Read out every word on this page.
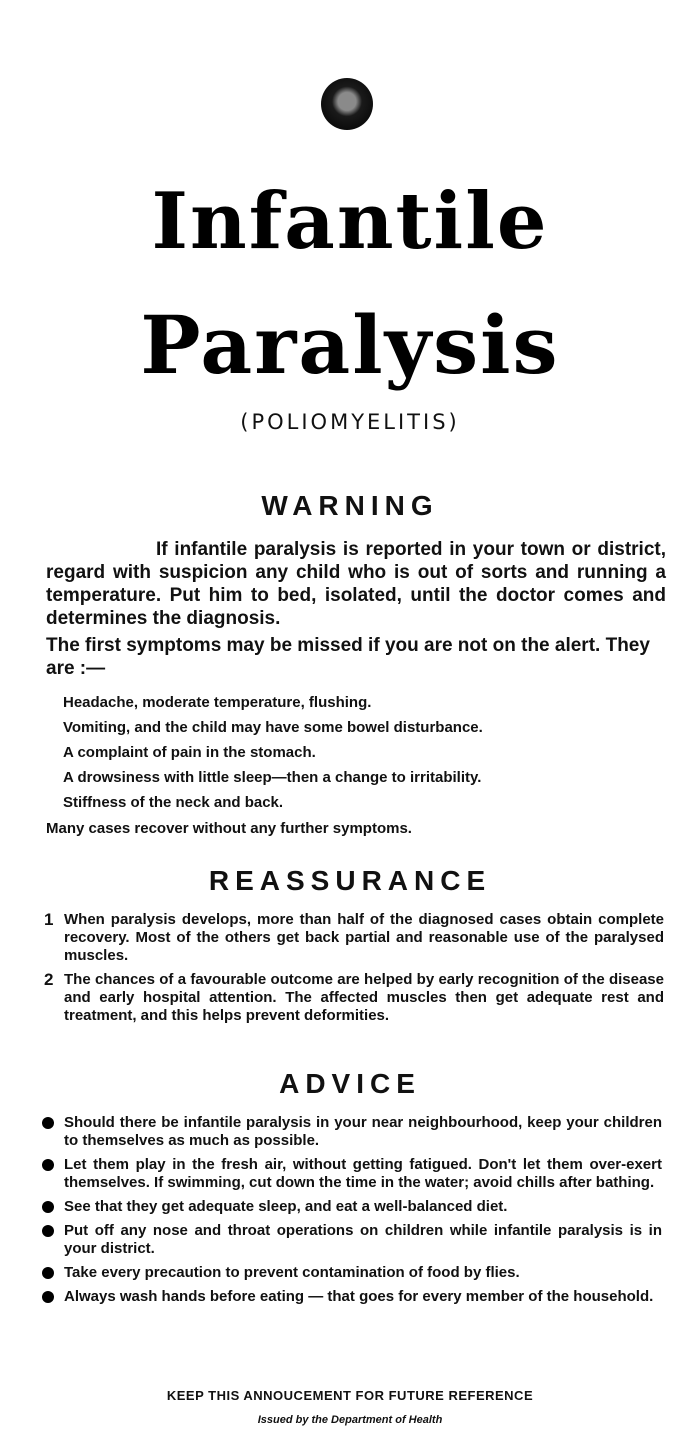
Infantile
Paralysis
(POLIOMYELITIS)
WARNING

If infantile paralysis is reported in your town or district, regard with suspicion any child who is out of sorts and running a temperature. Put him to bed, isolated, until the doctor comes and determines the diagnosis.

The first symptoms may be missed if you are not on the alert. They are :—

Headache, moderate temperature, flushing.
Vomiting, and the child may have some bowel disturbance.
A complaint of pain in the stomach.
A drowsiness with little sleep—then a change to irritability.
Stiffness of the neck and back.
Many cases recover without any further symptoms.
REASSURANCE
1 When paralysis develops, more than half of the diagnosed cases obtain complete recovery. Most of the others get back partial and reasonable use of the paralysed muscles.
2 The chances of a favourable outcome are helped by early recognition of the disease and early hospital attention. The affected muscles then get adequate rest and treatment, and this helps prevent deformities.
ADVICE
Should there be infantile paralysis in your near neighbourhood, keep your children to themselves as much as possible.
Let them play in the fresh air, without getting fatigued. Don't let them over-exert themselves. If swimming, cut down the time in the water; avoid chills after bathing.
See that they get adequate sleep, and eat a well-balanced diet.
Put off any nose and throat operations on children while infantile paralysis is in your district.
Take every precaution to prevent contamination of food by flies.
Always wash hands before eating — that goes for every member of the household.
KEEP THIS ANNOUCEMENT FOR FUTURE REFERENCE
Issued by the Department of Health
